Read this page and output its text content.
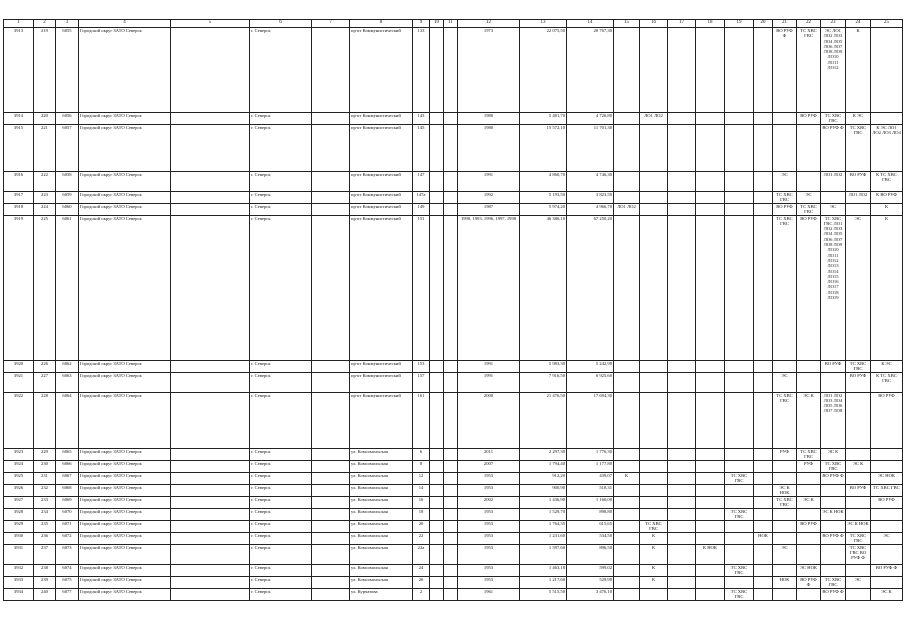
1	2	3	4	5	6	7	8	9	10	11	12	13	14	15	16	17	18	19	20	21	22	23	24	25
3913	219	6055	Городской округ ЗАТО Северск		г. Северск		пр-кт Коммунистический	133			1973	22 075,50	20 767,30							ВО РУФ Ф	ТС ХВС ГВС	ЭС ЛО1 ЛО2 ЛО3 ЛО4 ЛО5 ЛО6 ЛО7 ЛО8 ЛО9 ЛО10 ЛО11 ЛО12	К	
3914	220	6056	Городской округ ЗАТО Северск		г. Северск		пр-кт Коммунистический	143			1980	5 481,70	4 726,80		ЛО1 ЛО2						ВО РУФ	ТС ХВС ГВС	К ЭС	
3915	221	6057	Городской округ ЗАТО Северск		г. Северск		пр-кт Коммунистический	145			1980	15 572,10	11 701,30									ВО РУФ Ф	ТС ХВС ГВС	К ЭС ЛО1 ЛО2 ЛО3 ЛО4
3916	222	6058	Городской округ ЗАТО Северск		г. Северск		пр-кт Коммунистический	147			1991	4 860,70	4 746,30							ЭС		ЛО1 ЛО2	ВО РУФ	К ТС ХВС ГВС
3917	223	6059	Городской округ ЗАТО Северск		г. Северск		пр-кт Коммунистический	147а			1992	5 193,50	3 823,50							ТС ХВС ГВС	ЭС		ЛО1 ЛО2	К ВО РУФ
3918	224	6060	Городской округ ЗАТО Северск		г. Северск		пр-кт Коммунистический	149			1987	5 974,20	4 966,70	ЛО1 ЛО2						ВО РУФ	ТС ХВС ГВС	ЭС		К
3919	225	6061	Городской округ ЗАТО Северск		г. Северск		пр-кт Коммунистический	151			1990, 1993, 1996, 1997, 1998	46 386,10	67 250,20							ТС ХВС ГВС	ВО РУФ	ТС ХВС ГВС ЛО1 ЛО2 ЛО3 ЛО4 ЛО5 ЛО6 ЛО7 ЛО8 ЛО9 ЛО10 ЛО11 ЛО12 ЛО13 ЛО14 ЛО15 ЛО16 ЛО17 ЛО18 ЛО19	ЭС	К
3920	226	6062	Городской округ ЗАТО Северск		г. Северск		пр-кт Коммунистический	153			1991	5 983,30	5 242,90									ВО РУФ	ТС ХВС ГВС	К ЭС
3921	227	6063	Городской округ ЗАТО Северск		г. Северск		пр-кт Коммунистический	157			1991	7 916,50	6 925,60							ЭС			ВО РУФ	К ТС ХВС ГВС
3922	228	6064	Городской округ ЗАТО Северск		г. Северск		пр-кт Коммунистический	161			2000	21 476,50	17 694,30							ТС ХВС ГВС	ЭС К	ЛО1 ЛО2 ЛО3 ЛО4 ЛО5 ЛО6 ЛО7 ЛО8		ВО РУФ
3923	229	6065	Городской округ ЗАТО Северск		г. Северск		ул. Комсомольская	6			2011	2 297,30	1 776,30							РУФ	ТС ХВС ГВС	ЭС К		
3924	230	6066	Городской округ ЗАТО Северск		г. Северск		ул. Комсомольская	8			2007	1 794,40	1 177,80								РУФ	ТС ХВС ГВС	ЭС К	
3925	231	6067	Городской округ ЗАТО Северск		г. Северск		ул. Комсомольская	12			1953	912,20	439,07	К				ТС ХВС ГВС				ВО РУФ Ф		ЭС НОК
3926	232	6068	Городской округ ЗАТО Северск		г. Северск		ул. Комсомольская	14			1953	900,90	518,31							ЭС К НОК			ВО РУФ	ТС ХВС ГВС
3927	233	6069	Городской округ ЗАТО Северск		г. Северск		ул. Комсомольская	16			2002	1 436,90	1 160,00							ТС ХВС ГВС	ЭС К			ВО РУФ
3928	234	6070	Городской округ ЗАТО Северск		г. Северск		ул. Комсомольская	18			1953	1 529,70	898,80					ТС ХВС ГВС				ЭС К НОК		
3929	235	6071	Городской округ ЗАТО Северск		г. Северск		ул. Комсомольская	20			1953	1 764,35	615,65		ТС ХВС ГВС						ВО РУФ		ЭС К НОК	
3930	236	6072	Городской округ ЗАТО Северск		г. Северск		ул. Комсомольская	22			1953	1 231,60	534,50		К				НОК			ВО РУФ Ф	ТС ХВС ГВС	ЭС
3931	237	6073	Городской округ ЗАТО Северск		г. Северск		ул. Комсомольская	22а			1953	1 597,60	896,50		К		К НОК			ЭС			ТС ХВС ГВС ВО РУФ Ф	
3932	238	6074	Городской округ ЗАТО Северск		г. Северск		ул. Комсомольская	24			1953	1 463,18	599,02		К			ТС ХВС ГВС			ЭС НОК			ВО РУФ Ф
3933	239	6075	Городской округ ЗАТО Северск		г. Северск		ул. Комсомольская	26			1953	1 217,60	529,90		К					НОК	ВО РУФ Ф	ТС ХВС ГВС	ЭС	
3934	240	6077	Городской округ ЗАТО Северск		г. Северск		ул. Курчатова	2			1961	5 515,50	3 476,10					ТС ХВС ГВС				ВО РУФ Ф		ЭС К
